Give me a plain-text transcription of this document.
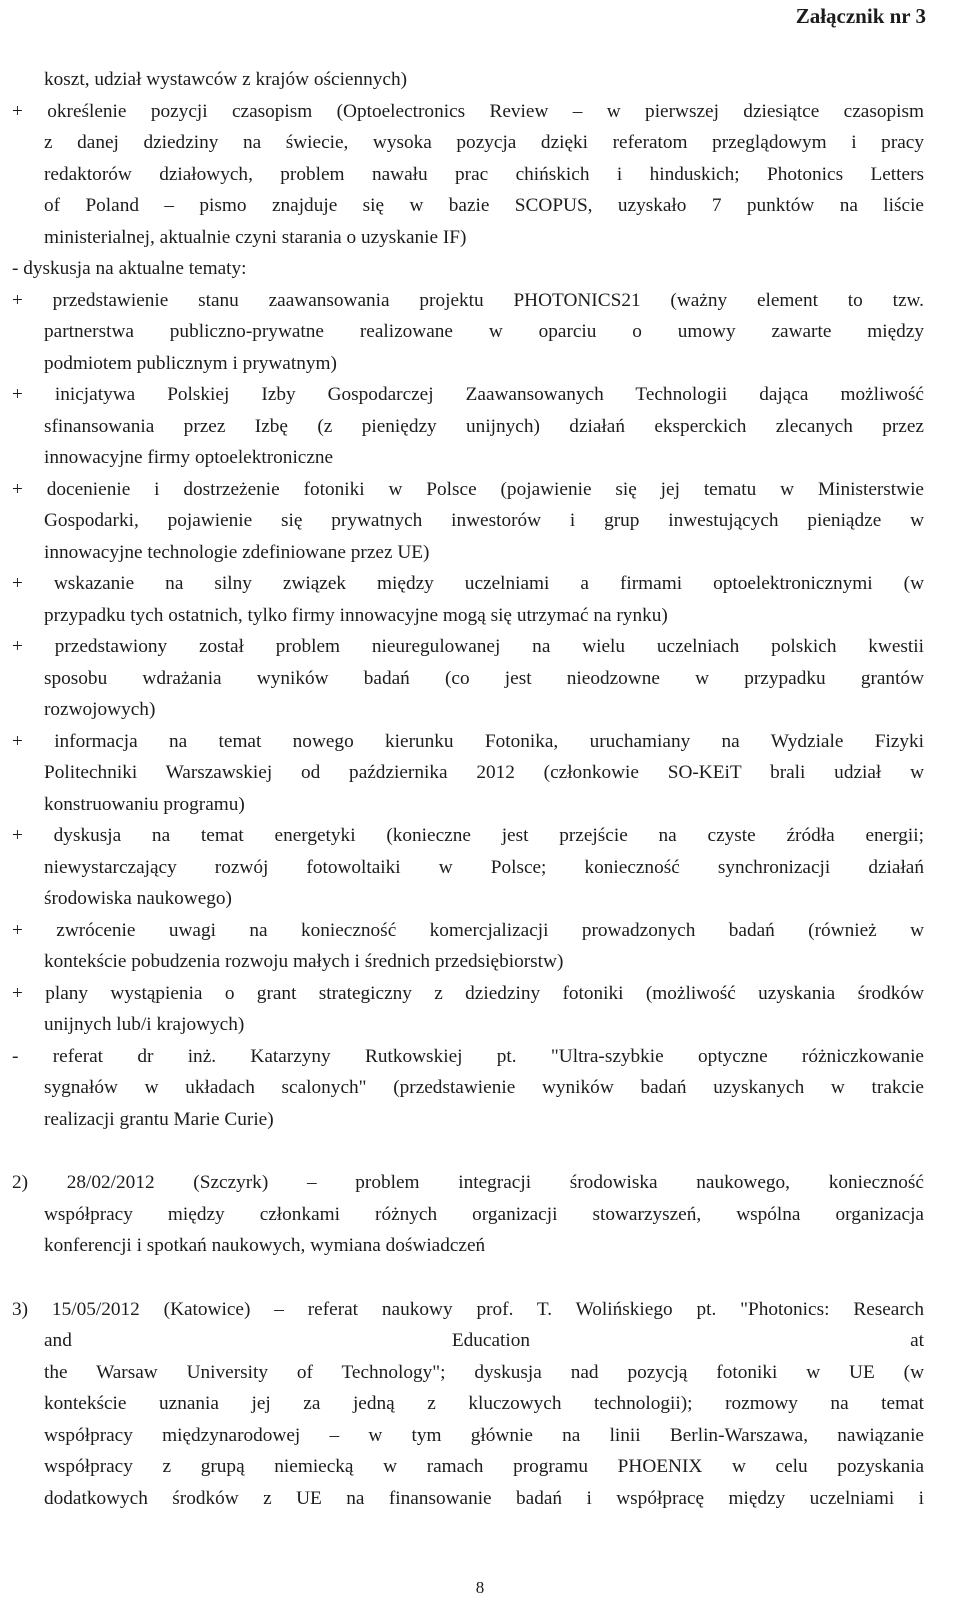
Załącznik nr 3

koszt, udział wystawców z krajów ościennych)
+ określenie pozycji czasopism (Optoelectronics Review – w pierwszej dziesiątce czasopism
z danej dziedziny na świecie, wysoka pozycja dzięki referatom przeglądowym i pracy
redaktorów działowych, problem nawału prac chińskich i hinduskich; Photonics Letters
of Poland – pismo znajduje się w bazie SCOPUS, uzyskało 7 punktów na liście
ministerialnej, aktualnie czyni starania o uzyskanie IF)
- dyskusja na aktualne tematy:
+ przedstawienie stanu zaawansowania projektu PHOTONICS21 (ważny element to tzw.
partnerstwa publiczno-prywatne realizowane w oparciu o umowy zawarte między
podmiotem publicznym i prywatnym)
+ inicjatywa Polskiej Izby Gospodarczej Zaawansowanych Technologii dająca możliwość
sfinansowania przez Izbę (z pieniędzy unijnych) działań eksperckich zlecanych przez
innowacyjne firmy optoelektroniczne
+ docenienie i dostrzeżenie fotoniki w Polsce (pojawienie się jej tematu w Ministerstwie
Gospodarki, pojawienie się prywatnych inwestorów i grup inwestujących pieniądze w
innowacyjne technologie zdefiniowane przez UE)
+ wskazanie na silny związek między uczelniami a firmami optoelektronicznymi (w
przypadku tych ostatnich, tylko firmy innowacyjne mogą się utrzymać na rynku)
+ przedstawiony został problem nieuregulowanej na wielu uczelniach polskich kwestii
sposobu wdrażania wyników badań (co jest nieodzowne w przypadku grantów
rozwojowych)
+ informacja na temat nowego kierunku Fotonika, uruchamiany na Wydziale Fizyki
Politechniki Warszawskiej od października 2012 (członkowie SO-KEiT brali udział w
konstruowaniu programu)
+ dyskusja na temat energetyki (konieczne jest przejście na czyste źródła energii;
niewystarczający rozwój fotowoltaiki w Polsce; konieczność synchronizacji działań
środowiska naukowego)
+ zwrócenie uwagi na konieczność komercjalizacji prowadzonych badań (również w
kontekście pobudzenia rozwoju małych i średnich przedsiębiorstw)
+ plany wystąpienia o grant strategiczny z dziedziny fotoniki (możliwość uzyskania środków
unijnych lub/i krajowych)
- referat dr inż. Katarzyny Rutkowskiej pt. "Ultra-szybkie optyczne różniczkowanie
sygnałów w układach scalonych" (przedstawienie wyników badań uzyskanych w trakcie
realizacji grantu Marie Curie)
2) 28/02/2012 (Szczyrk) – problem integracji środowiska naukowego, konieczność
współpracy między członkami różnych organizacji stowarzyszeń, wspólna organizacja
konferencji i spotkań naukowych, wymiana doświadczeń
3) 15/05/2012 (Katowice) – referat naukowy prof. T. Wolińskiego pt. "Photonics: Research
and Education at
the Warsaw University of Technology"; dyskusja nad pozycją fotoniki w UE (w
kontekście uznania jej za jedną z kluczowych technologii); rozmowy na temat
współpracy międzynarodowej – w tym głównie na linii Berlin-Warszawa, nawiązanie
współpracy z grupą niemiecką w ramach programu PHOENIX w celu pozyskania
dodatkowych środków z UE na finansowanie badań i współpracę między uczelniami i
8
